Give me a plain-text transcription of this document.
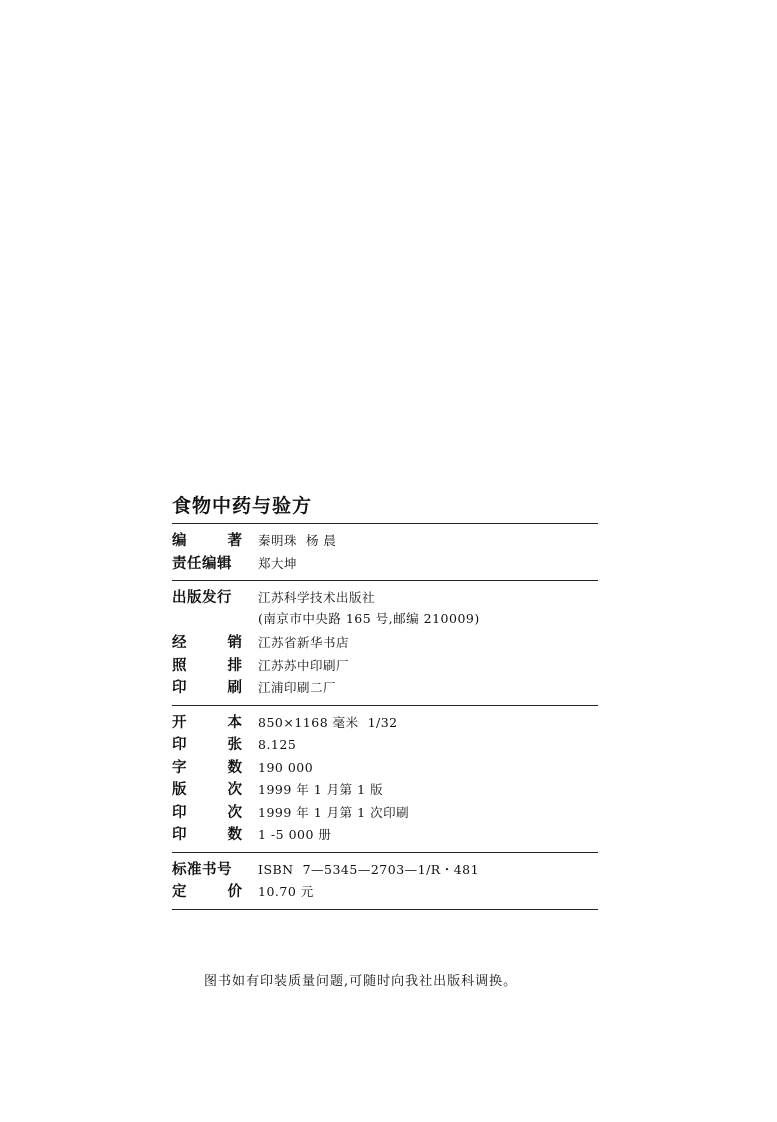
食物中药与验方
编	著 秦明珠  杨 晨
责任编辑 郑大坤
出版发行 江苏科学技术出版社
(南京市中央路 165 号,邮编 210009)
经	销 江苏省新华书店
照	排 江苏苏中印刷厂
印	刷 江浦印刷二厂
开	本 850×1168 毫米  1/32
印	张 8.125
字	数 190 000
版	次 1999 年 1 月第 1 版
印	次 1999 年 1 月第 1 次印刷
印	数 1 -5 000 册
标准书号 ISBN  7—5345—2703—1/R・481
定	价 10.70 元
图书如有印装质量问题,可随时向我社出版科调换。
